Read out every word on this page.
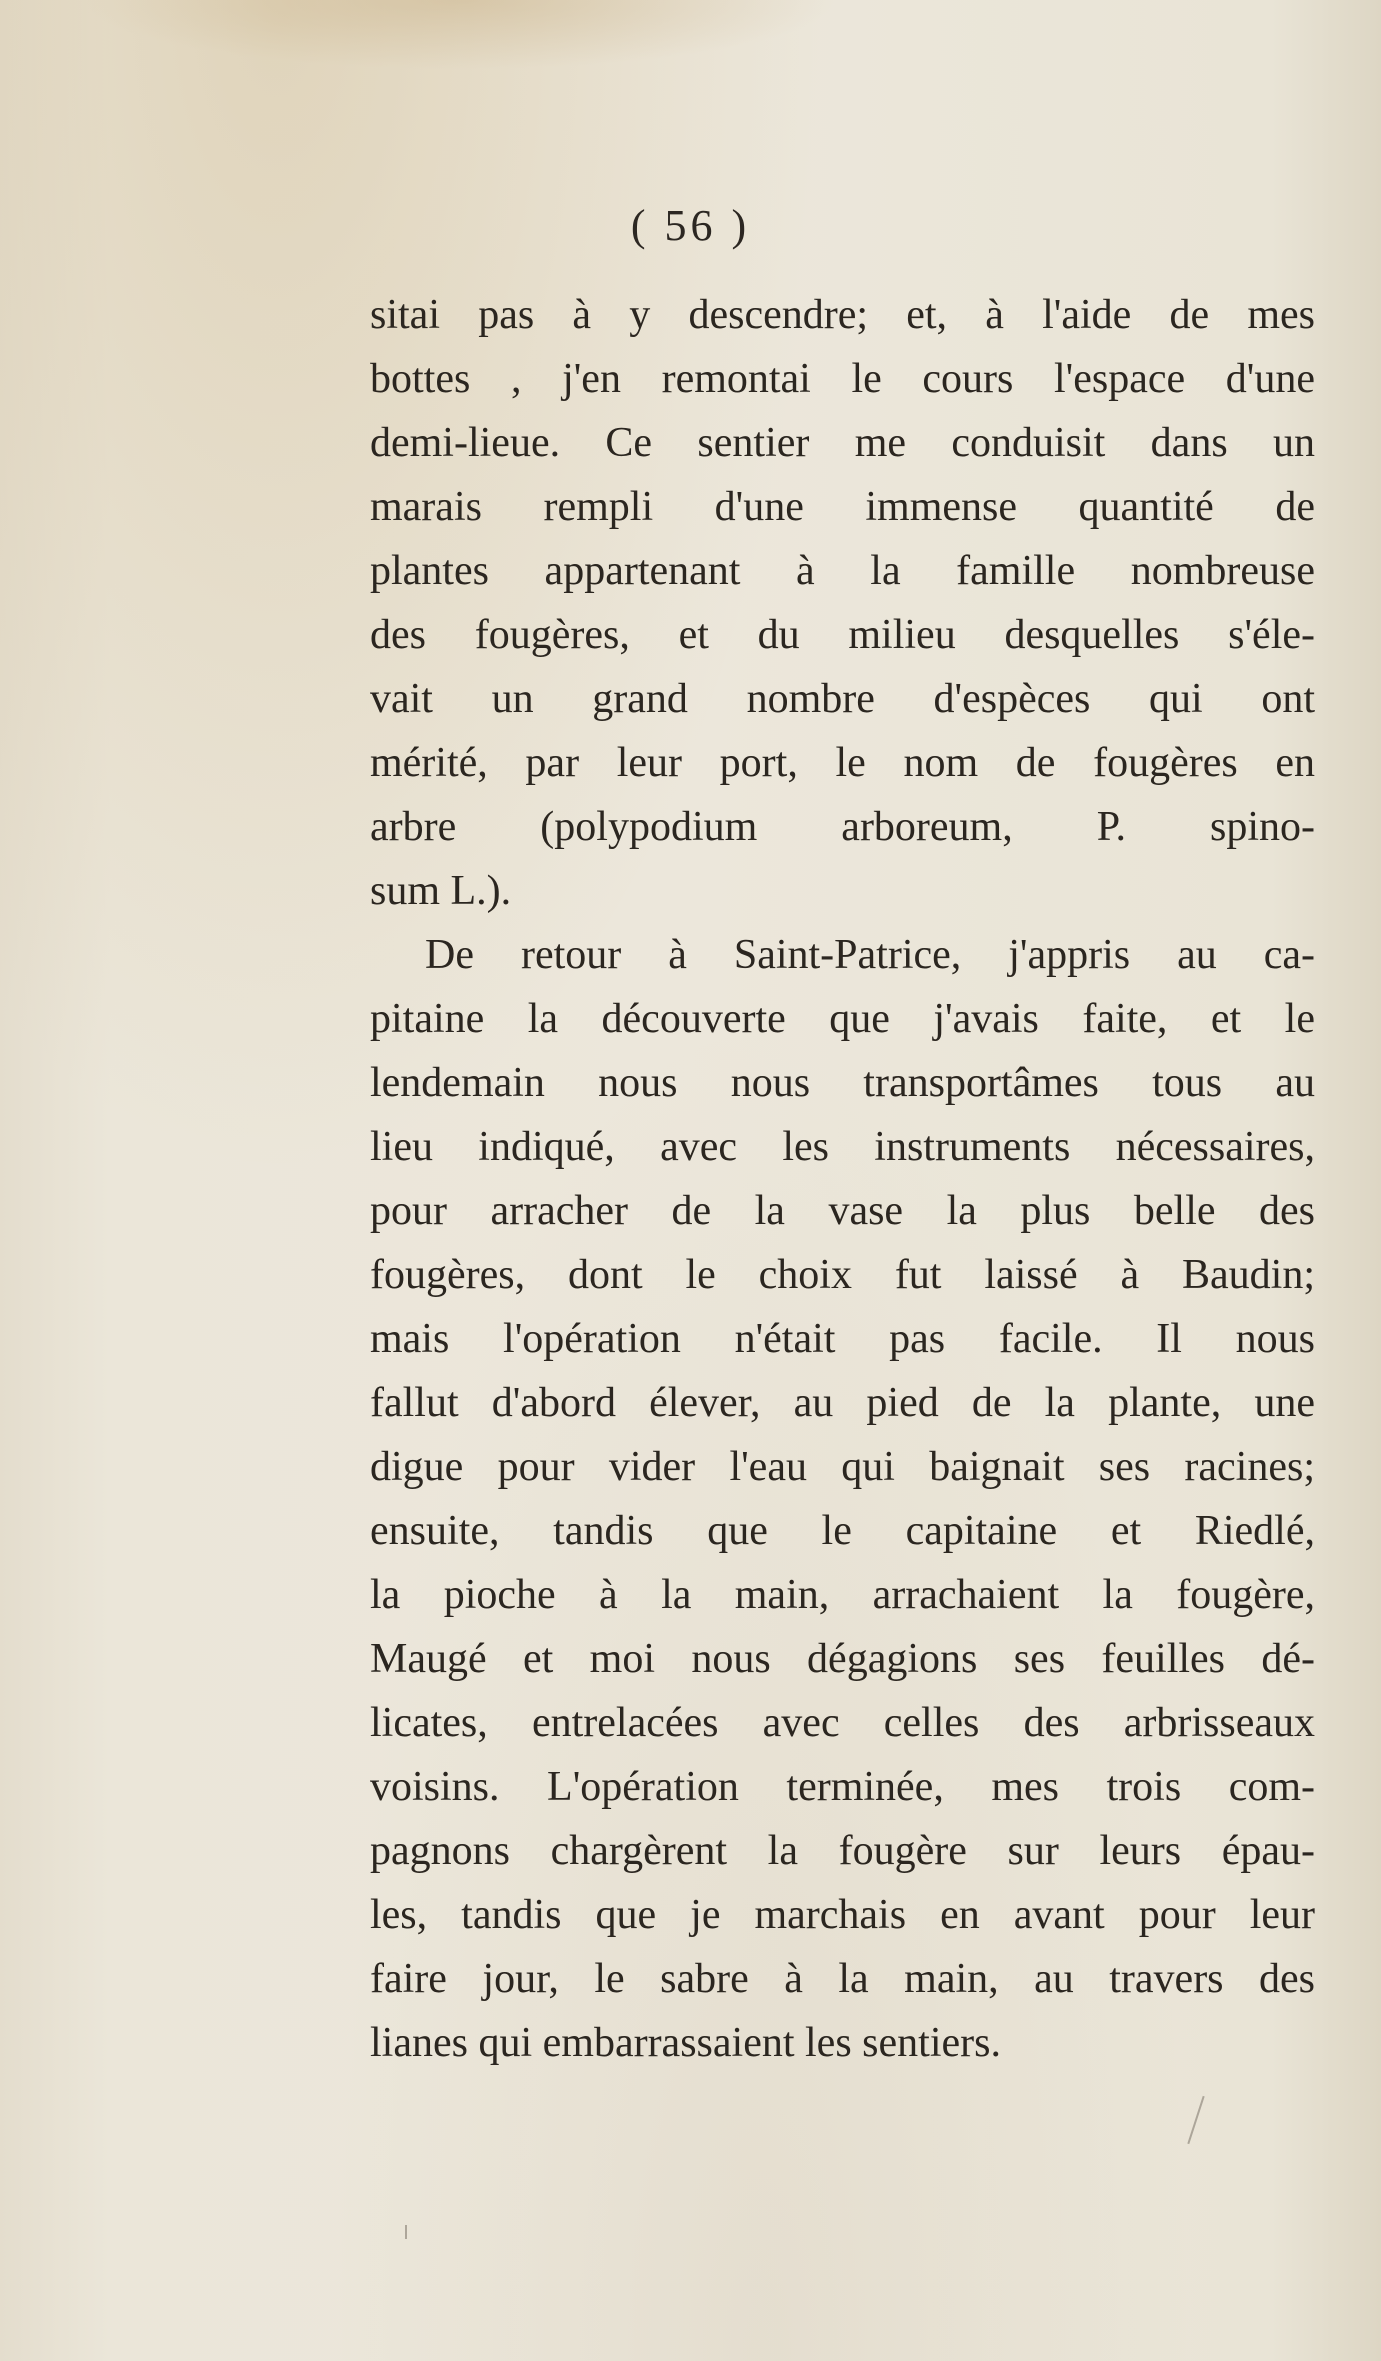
( 56 )
sitai pas à y descendre; et, à l'aide de mes
bottes , j'en remontai le cours l'espace d'une
demi-lieue. Ce sentier me conduisit dans un
marais rempli d'une immense quantité de
plantes appartenant à la famille nombreuse
des fougères, et du milieu desquelles s'éle-
vait un grand nombre d'espèces qui ont
mérité, par leur port, le nom de fougères en
arbre (polypodium arboreum, P. spino-
sum L.).
De retour à Saint-Patrice, j'appris au ca-
pitaine la découverte que j'avais faite, et le
lendemain nous nous transportâmes tous au
lieu indiqué, avec les instruments nécessaires,
pour arracher de la vase la plus belle des
fougères, dont le choix fut laissé à Baudin;
mais l'opération n'était pas facile. Il nous
fallut d'abord élever, au pied de la plante, une
digue pour vider l'eau qui baignait ses racines;
ensuite, tandis que le capitaine et Riedlé,
la pioche à la main, arrachaient la fougère,
Maugé et moi nous dégagions ses feuilles dé-
licates, entrelacées avec celles des arbrisseaux
voisins. L'opération terminée, mes trois com-
pagnons chargèrent la fougère sur leurs épau-
les, tandis que je marchais en avant pour leur
faire jour, le sabre à la main, au travers des
lianes qui embarrassaient les sentiers.
